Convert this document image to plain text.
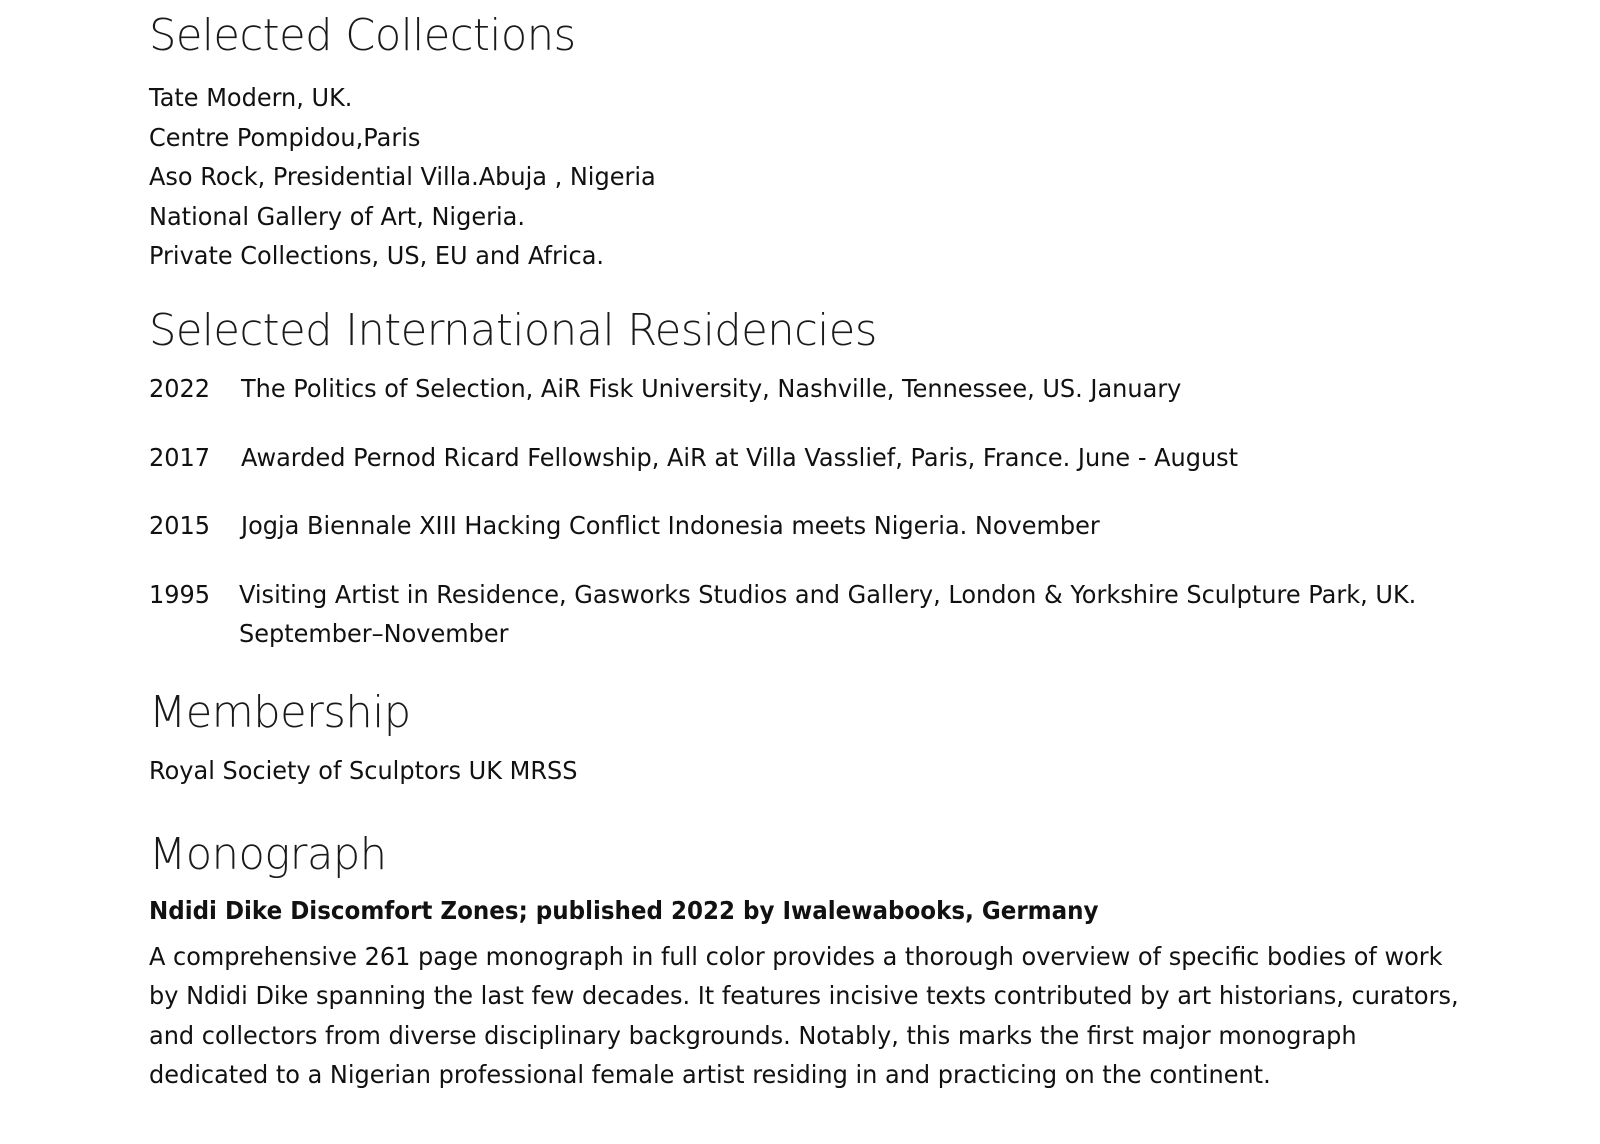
Selected Collections

Tate Modern, UK.

Centre Pompidou,Paris

Aso Rock, Presidential Villa.Abuja , Nigeria

National Gallery of Art, Nigeria.

Private Collections, US, EU and Africa.

Selected International Residencies
2022	The Politics of Selection, AiR Fisk University, Nashville, Tennessee, US. January
2017	Awarded Pernod Ricard Fellowship, AiR at Villa Vasslief, Paris, France. June - August
2015	Jogja Biennale XIII Hacking Conflict Indonesia meets Nigeria. November
1995	Visiting Artist in Residence, Gasworks Studios and Gallery, London & Yorkshire Sculpture Park, UK.
September–November
Membership

Royal Society of Sculptors UK MRSS

Monograph

Ndidi Dike Discomfort Zones; published 2022 by Iwalewabooks, Germany

A comprehensive 261 page monograph in full color provides a thorough overview of specific bodies of work
by Ndidi Dike spanning the last few decades. It features incisive texts contributed by art historians, curators,
and collectors from diverse disciplinary backgrounds. Notably, this marks the first major monograph
dedicated to a Nigerian professional female artist residing in and practicing on the continent.
